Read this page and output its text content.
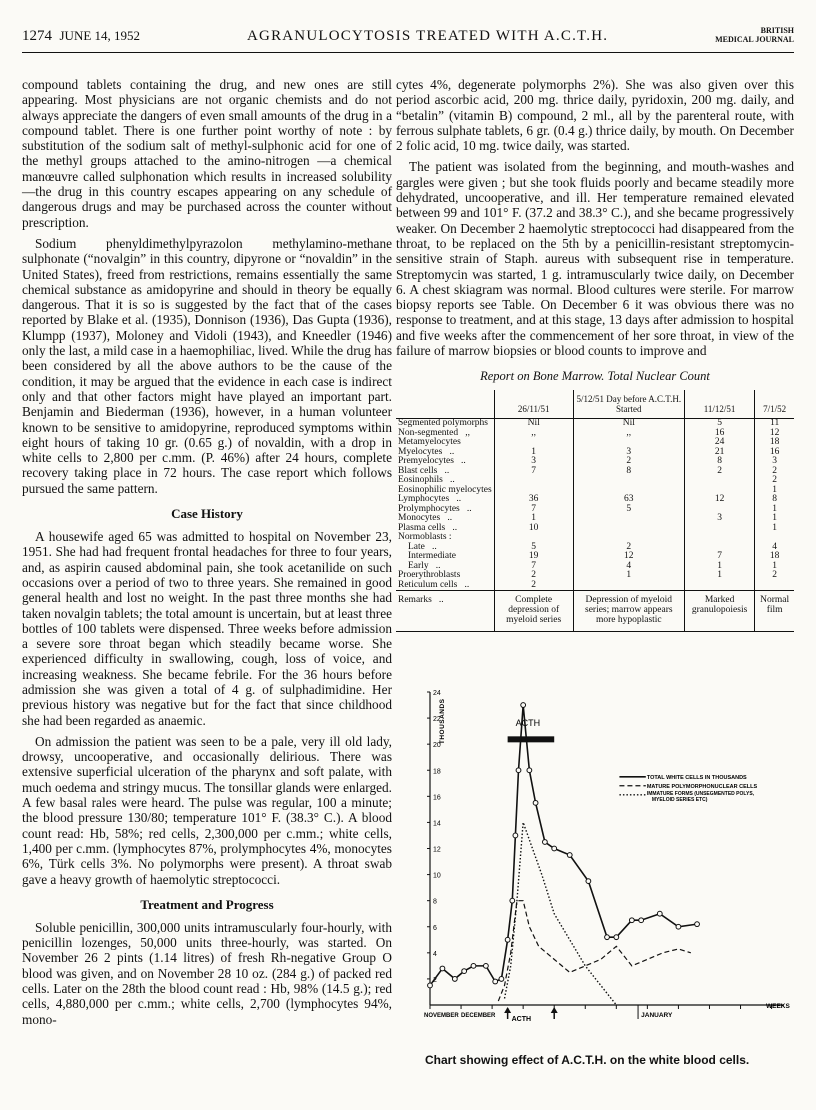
1274 JUNE 14, 1952	AGRANULOCYTOSIS TREATED WITH A.C.T.H.	BRITISH
MEDICAL JOURNAL

compound tablets containing the drug, and new ones are still appearing. Most physicians are not organic chemists and do not always appreciate the dangers of even small amounts of the drug in a compound tablet. There is one further point worthy of note : by substitution of the sodium salt of methyl-sulphonic acid for one of the methyl groups attached to the amino-nitrogen —a chemical manœuvre called sulphonation which results in increased solubility—the drug in this country escapes appearing on any schedule of dangerous drugs and may be purchased across the counter without prescription.

Sodium phenyldimethylpyrazolon methylamino-methane sulphonate (“novalgin” in this country, dipyrone or “novaldin” in the United States), freed from restrictions, remains essentially the same chemical substance as amidopyrine and should in theory be equally dangerous. That it is so is suggested by the fact that of the cases reported by Blake et al. (1935), Donnison (1936), Das Gupta (1936), Klumpp (1937), Moloney and Vidoli (1943), and Kneedler (1946) only the last, a mild case in a haemophiliac, lived. While the drug has been considered by all the above authors to be the cause of the condition, it may be argued that the evidence in each case is indirect only and that other factors might have played an important part. Benjamin and Biederman (1936), however, in a human volunteer known to be sensitive to amidopyrine, reproduced symptoms within eight hours of taking 10 gr. (0.65 g.) of novaldin, with a drop in white cells to 2,800 per c.mm. (P. 46%) after 24 hours, complete recovery taking place in 72 hours. The case report which follows pursued the same pattern.

Case History

A housewife aged 65 was admitted to hospital on November 23, 1951. She had had frequent frontal headaches for three to four years, and, as aspirin caused abdominal pain, she took acetanilide on such occasions over a period of two to three years. She remained in good general health and lost no weight. In the past three months she had taken novalgin tablets; the total amount is uncertain, but at least three bottles of 100 tablets were dispensed. Three weeks before admission a severe sore throat began which steadily became worse. She experienced difficulty in swallowing, cough, loss of voice, and increasing weakness. She became febrile. For the 36 hours before admission she was given a total of 4 g. of sulphadimidine. Her previous history was negative but for the fact that since childhood she had been regarded as anaemic.

On admission the patient was seen to be a pale, very ill old lady, drowsy, uncooperative, and occasionally delirious. There was extensive superficial ulceration of the pharynx and soft palate, with much oedema and stringy mucus. The tonsillar glands were enlarged. A few basal rales were heard. The pulse was regular, 100 a minute; the blood pressure 130/80; temperature 101° F. (38.3° C.). A blood count read: Hb, 58%; red cells, 2,300,000 per c.mm.; white cells, 1,400 per c.mm. (lymphocytes 87%, prolymphocytes 4%, monocytes 6%, Türk cells 3%. No polymorphs were present). A throat swab gave a heavy growth of haemolytic streptococci.

Treatment and Progress

Soluble penicillin, 300,000 units intramuscularly four-hourly, with penicillin lozenges, 50,000 units three-hourly, was started. On November 26 2 pints (1.14 litres) of fresh Rh-negative Group O blood was given, and on November 28 10 oz. (284 g.) of packed red cells. Later on the 28th the blood count read : Hb, 98% (14.5 g.); red cells, 4,880,000 per c.mm.; white cells, 2,700 (lymphocytes 94%, mono-

cytes 4%, degenerate polymorphs 2%). She was also given over this period ascorbic acid, 200 mg. thrice daily, pyridoxin, 200 mg. daily, and “betalin” (vitamin B) compound, 2 ml., all by the parenteral route, with ferrous sulphate tablets, 6 gr. (0.4 g.) thrice daily, by mouth. On December 2 folic acid, 10 mg. twice daily, was started.

The patient was isolated from the beginning, and mouth-washes and gargles were given ; but she took fluids poorly and became steadily more dehydrated, uncooperative, and ill. Her temperature remained elevated between 99 and 101° F. (37.2 and 38.3° C.), and she became progressively weaker. On December 2 haemolytic streptococci had disappeared from the throat, to be replaced on the 5th by a penicillin-resistant streptomycin-sensitive strain of Staph. aureus with subsequent rise in temperature. Streptomycin was started, 1 g. intramuscularly twice daily, on December 6. A chest skiagram was normal. Blood cultures were sterile. For marrow biopsy reports see Table. On December 6 it was obvious there was no response to treatment, and at this stage, 13 days after admission to hospital and five weeks after the commencement of her sore throat, in view of the failure of marrow biopsies or blood counts to improve and

Report on Bone Marrow. Total Nuclear Count
	26/11/51	5/12/51 Day before A.C.T.H. Started	11/12/51	7/1/52
Segmented polymorphs	Nil	Nil	5	11
Non-segmented   ,,	,,	,,	16	12
Metamyelocytes			24	18
Myelocytes   ..	1	3	21	16
Premyelocytes   ..	3	2	8	3
Blast cells   ..	7	8	2	2
Eosinophils   ..				2
Eosinophilic myelocytes				1
Lymphocytes   ..	36	63	12	8
Prolymphocytes   ..	7	5		1
Monocytes   ..	1		3	1
Plasma cells   ..	10			1
Normoblasts :				
Late   ..	5	2		4
Intermediate	19	12	7	18
Early   ..	7	4	1	1
Proerythroblasts	2	1	1	2
Reticulum cells   ..	2			
Remarks   ..	Complete depression of myeloid series	Depression of myeloid series; marrow appears more hypoplastic	Marked granulopoiesis	Normal film
2
4
6
8
10
12
14
16
18
20
22
24
THOUSANDS
NOVEMBER DECEMBER	JANUARY
WEEKS
ACTH
ACTH
TOTAL WHITE CELLS IN THOUSANDS
MATURE POLYMORPHONUCLEAR CELLS
IMMATURE FORMS (UNSEGMENTED POLYS,
MYELOID SERIES ETC)
Chart showing effect of A.C.T.H. on the white blood cells.
